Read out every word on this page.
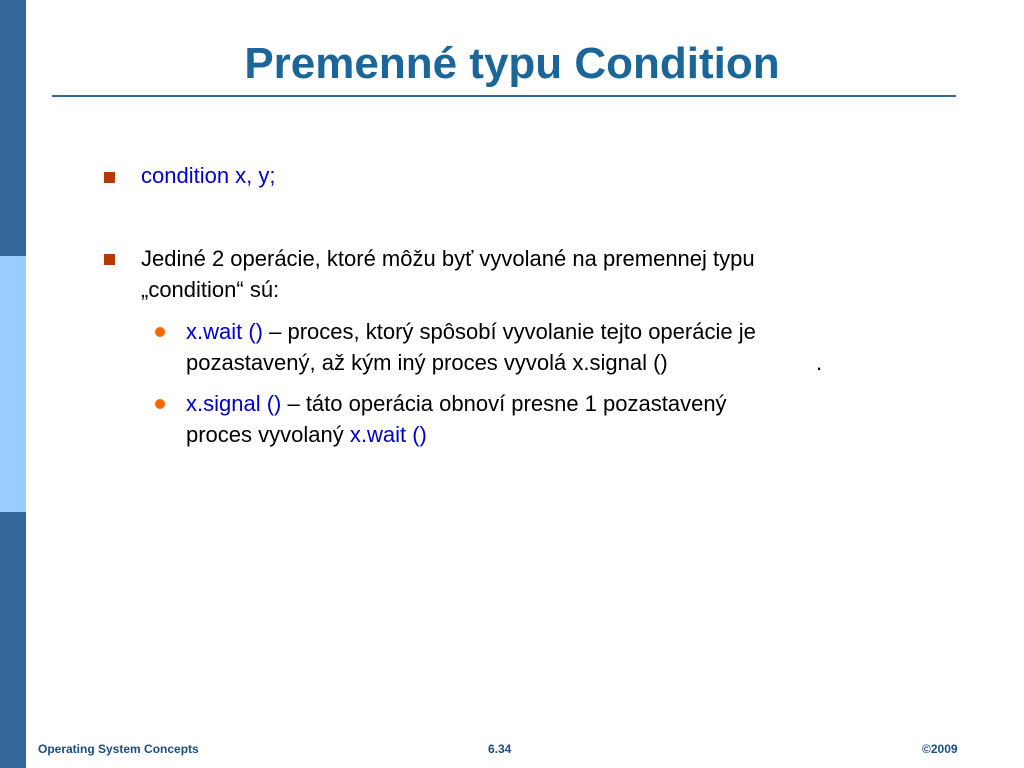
Premenné typu Condition
condition x, y;
Jediné 2 operácie, ktoré môžu byť vyvolané na premennej typu
„condition“ sú:
x.wait () – proces, ktorý spôsobí vyvolanie tejto operácie je
pozastavený, až kým iný proces vyvolá x.signal ()	.
x.signal () – táto operácia obnoví presne 1 pozastavený
proces vyvolaný x.wait ()
Operating System Concepts	6.34	©2009
